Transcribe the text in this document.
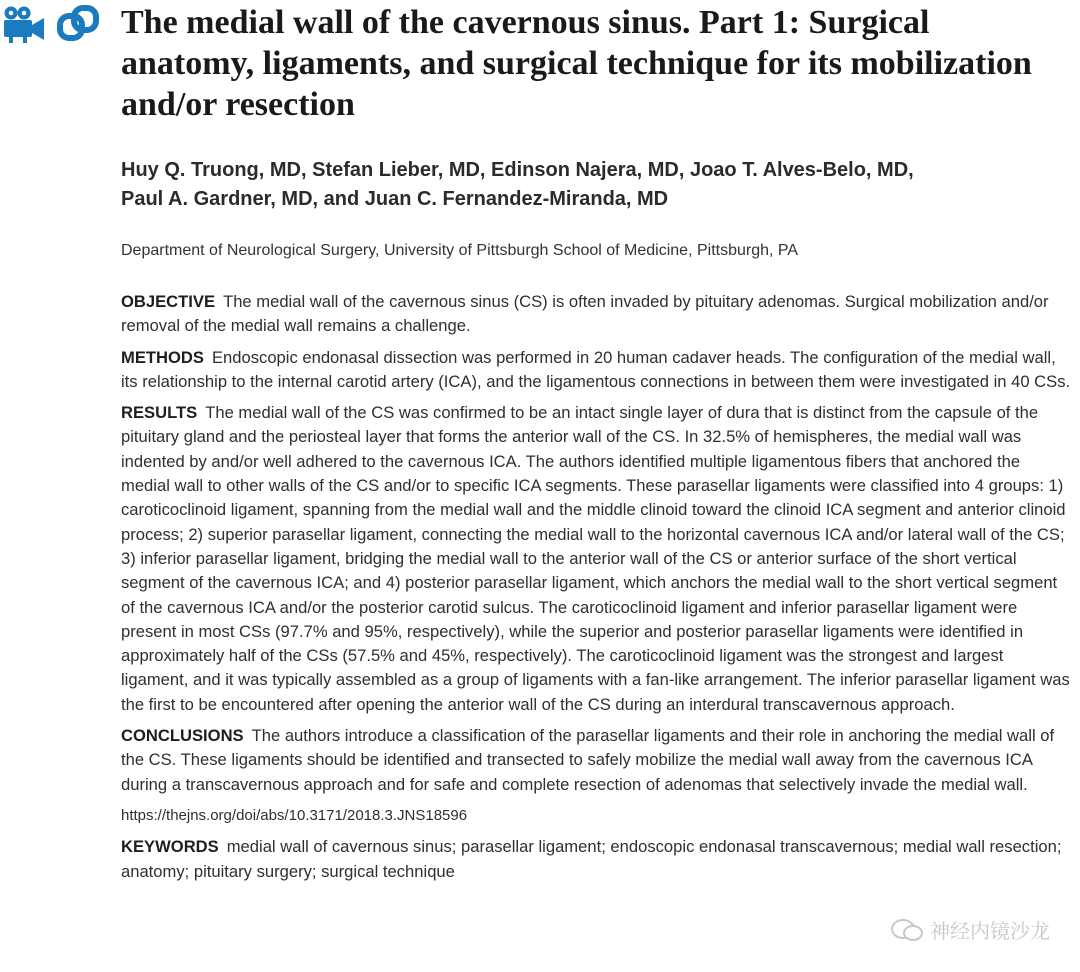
The medial wall of the cavernous sinus. Part 1: Surgical anatomy, ligaments, and surgical technique for its mobilization and/or resection
Huy Q. Truong, MD, Stefan Lieber, MD, Edinson Najera, MD, Joao T. Alves-Belo, MD,
Paul A. Gardner, MD, and Juan C. Fernandez-Miranda, MD
Department of Neurological Surgery, University of Pittsburgh School of Medicine, Pittsburgh, PA

OBJECTIVE The medial wall of the cavernous sinus (CS) is often invaded by pituitary adenomas. Surgical mobilization and/or removal of the medial wall remains a challenge.

METHODS Endoscopic endonasal dissection was performed in 20 human cadaver heads. The configuration of the medial wall, its relationship to the internal carotid artery (ICA), and the ligamentous connections in between them were investigated in 40 CSs.

RESULTS The medial wall of the CS was confirmed to be an intact single layer of dura that is distinct from the capsule of the pituitary gland and the periosteal layer that forms the anterior wall of the CS. In 32.5% of hemispheres, the medial wall was indented by and/or well adhered to the cavernous ICA. The authors identified multiple ligamentous fibers that anchored the medial wall to other walls of the CS and/or to specific ICA segments. These parasellar ligaments were classified into 4 groups: 1) caroticoclinoid ligament, spanning from the medial wall and the middle clinoid toward the clinoid ICA segment and anterior clinoid process; 2) superior parasellar ligament, connecting the medial wall to the horizontal cavernous ICA and/or lateral wall of the CS; 3) inferior parasellar ligament, bridging the medial wall to the anterior wall of the CS or anterior surface of the short vertical segment of the cavernous ICA; and 4) posterior parasellar ligament, which anchors the medial wall to the short vertical segment of the cavernous ICA and/or the posterior carotid sulcus. The caroticoclinoid ligament and inferior parasellar ligament were present in most CSs (97.7% and 95%, respectively), while the superior and posterior parasellar ligaments were identified in approximately half of the CSs (57.5% and 45%, respectively). The caroticoclinoid ligament was the strongest and largest ligament, and it was typically assembled as a group of ligaments with a fan-like arrangement. The inferior parasellar ligament was the first to be encountered after opening the anterior wall of the CS during an interdural transcavernous approach.

CONCLUSIONS The authors introduce a classification of the parasellar ligaments and their role in anchoring the medial wall of the CS. These ligaments should be identified and transected to safely mobilize the medial wall away from the cavernous ICA during a transcavernous approach and for safe and complete resection of adenomas that selectively invade the medial wall.

https://thejns.org/doi/abs/10.3171/2018.3.JNS18596

KEYWORDS medial wall of cavernous sinus; parasellar ligament; endoscopic endonasal transcavernous; medial wall resection; anatomy; pituitary surgery; surgical technique

神经内镜沙龙
